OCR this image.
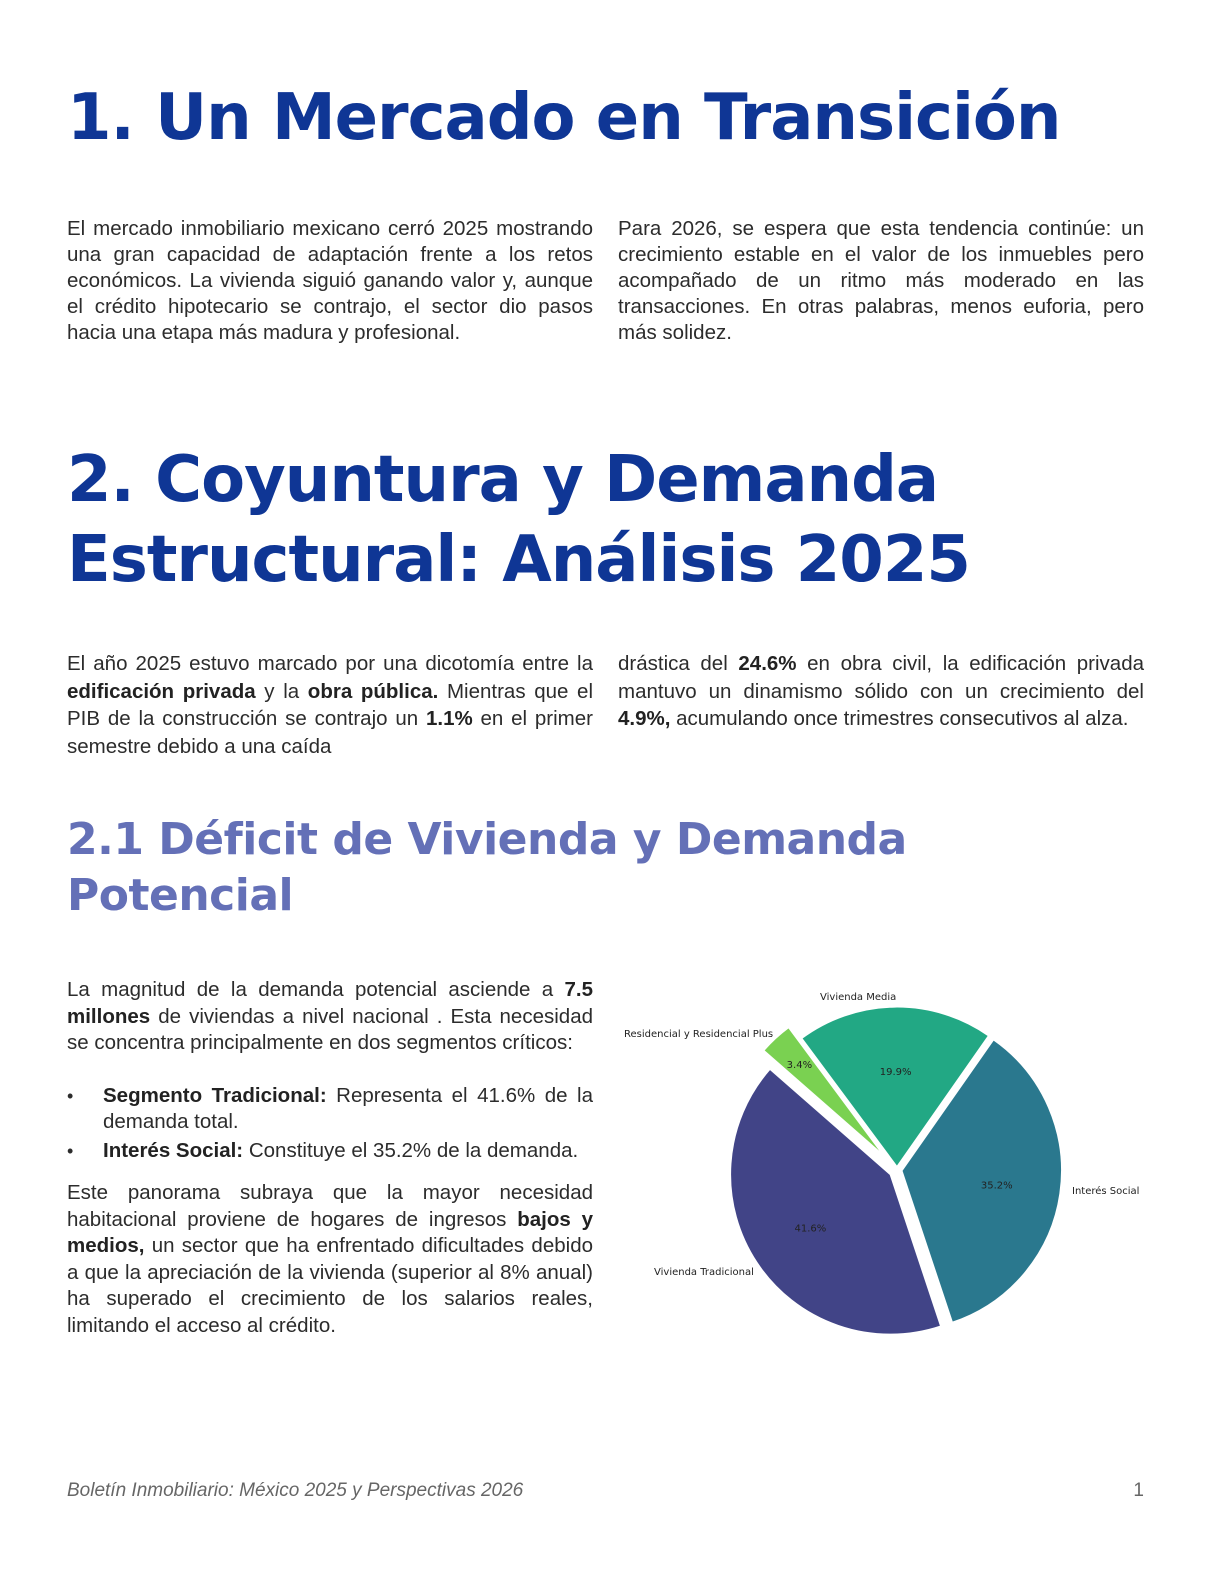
1. Un Mercado en Transición

El mercado inmobiliario mexicano cerró 2025 mostrando una gran capacidad de adaptación frente a los retos económicos. La vivienda siguió ganando valor y, aunque el crédito hipotecario se contrajo, el sector dio pasos hacia una etapa más madura y profesional.

Para 2026, se espera que esta tendencia continúe: un crecimiento estable en el valor de los inmuebles pero acompañado de un ritmo más moderado en las transacciones. En otras palabras, menos euforia, pero más solidez.

2. Coyuntura y Demanda
Estructural: Análisis 2025

El año 2025 estuvo marcado por una dicotomía entre la edificación privada y la obra pública. Mientras que el PIB de la construcción se contrajo un 1.1% en el primer semestre debido a una caída

drástica del 24.6% en obra civil, la edificación privada mantuvo un dinamismo sólido con un crecimiento del 4.9%, acumulando once trimestres consecutivos al alza.

2.1 Déficit de Vivienda y Demanda
Potencial

La magnitud de la demanda potencial asciende a 7.5 millones de viviendas a nivel nacional . Esta necesidad se concentra principalmente en dos segmentos críticos:

• Segmento Tradicional: Representa el 41.6% de la demanda total.
• Interés Social: Constituye el 35.2% de la demanda.

Este panorama subraya que la mayor necesidad habitacional proviene de hogares de ingresos bajos y medios, un sector que ha enfrentado dificultades debido a que la apreciación de la vivienda (superior al 8% anual) ha superado el crecimiento de los salarios reales, limitando el acceso al crédito.

35.2%	Interés Social
41.6%
Vivienda Tradicional
3.4%
Residencial y Residencial Plus
19.9%
Vivienda Media
Boletín Inmobiliario: México 2025 y Perspectivas 2026	1
